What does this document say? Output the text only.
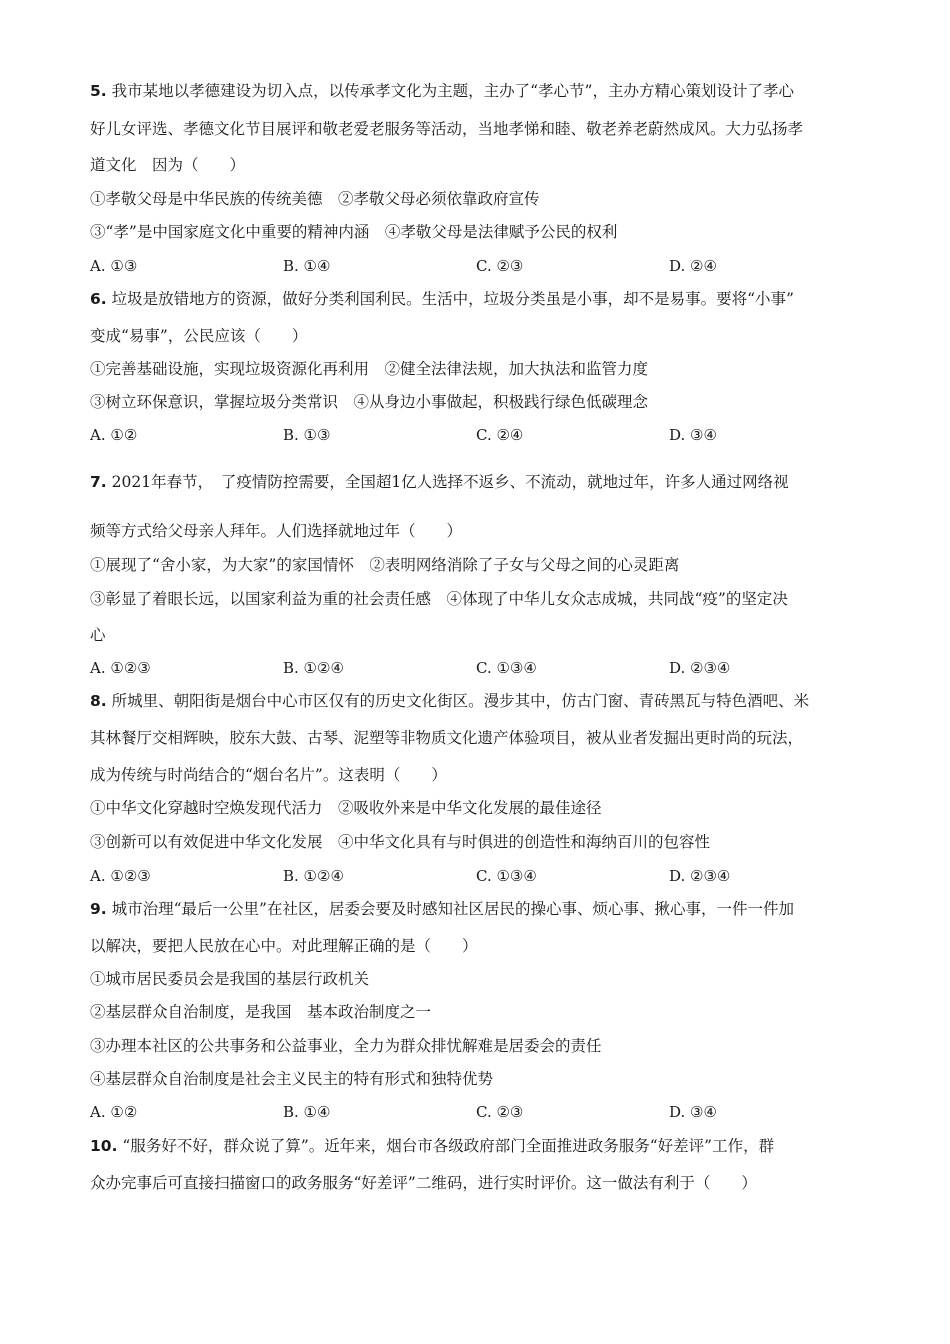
5. 我市某地以孝德建设为切入点，以传承孝文化为主题，主办了“孝心节”，主办方精心策划设计了孝心
好儿女评选、孝德文化节目展评和敬老爱老服务等活动，当地孝悌和睦、敬老养老蔚然成风。大力弘扬孝
道文化　因为（　　）
①孝敬父母是中华民族的传统美德　②孝敬父母必须依靠政府宣传
③“孝”是中国家庭文化中重要的精神内涵　④孝敬父母是法律赋予公民的权利
A. ①③	B. ①④	C. ②③	D. ②④
6. 垃圾是放错地方的资源，做好分类利国利民。生活中，垃圾分类虽是小事，却不是易事。要将“小事”
变成“易事”，公民应该（　　）
①完善基础设施，实现垃圾资源化再利用　②健全法律法规，加大执法和监管力度
③树立环保意识，掌握垃圾分类常识　④从身边小事做起，积极践行绿色低碳理念
A. ①②	B. ①③	C. ②④	D. ③④
7. 2021年春节，　了疫情防控需要，全国超1亿人选择不返乡、不流动，就地过年，许多人通过网络视
频等方式给父母亲人拜年。人们选择就地过年（　　）
①展现了“舍小家，为大家”的家国情怀　②表明网络消除了子女与父母之间的心灵距离
③彰显了着眼长远，以国家利益为重的社会责任感　④体现了中华儿女众志成城，共同战“疫”的坚定决
心
A. ①②③	B. ①②④	C. ①③④	D. ②③④
8. 所城里、朝阳街是烟台中心市区仅有的历史文化街区。漫步其中，仿古门窗、青砖黑瓦与特色酒吧、米
其林餐厅交相辉映，胶东大鼓、古琴、泥塑等非物质文化遗产体验项目，被从业者发掘出更时尚的玩法，
成为传统与时尚结合的“烟台名片”。这表明（　　）
①中华文化穿越时空焕发现代活力　②吸收外来是中华文化发展的最佳途径
③创新可以有效促进中华文化发展　④中华文化具有与时俱进的创造性和海纳百川的包容性
A. ①②③	B. ①②④	C. ①③④	D. ②③④
9. 城市治理“最后一公里”在社区，居委会要及时感知社区居民的操心事、烦心事、揪心事，一件一件加
以解决，要把人民放在心中。对此理解正确的是（　　）
①城市居民委员会是我国的基层行政机关
②基层群众自治制度，是我国　基本政治制度之一
③办理本社区的公共事务和公益事业，全力为群众排忧解难是居委会的责任
④基层群众自治制度是社会主义民主的特有形式和独特优势
A. ①②	B. ①④	C. ②③	D. ③④
10. “服务好不好，群众说了算”。近年来，烟台市各级政府部门全面推进政务服务“好差评”工作，群
众办完事后可直接扫描窗口的政务服务“好差评”二维码，进行实时评价。这一做法有利于（　　）
